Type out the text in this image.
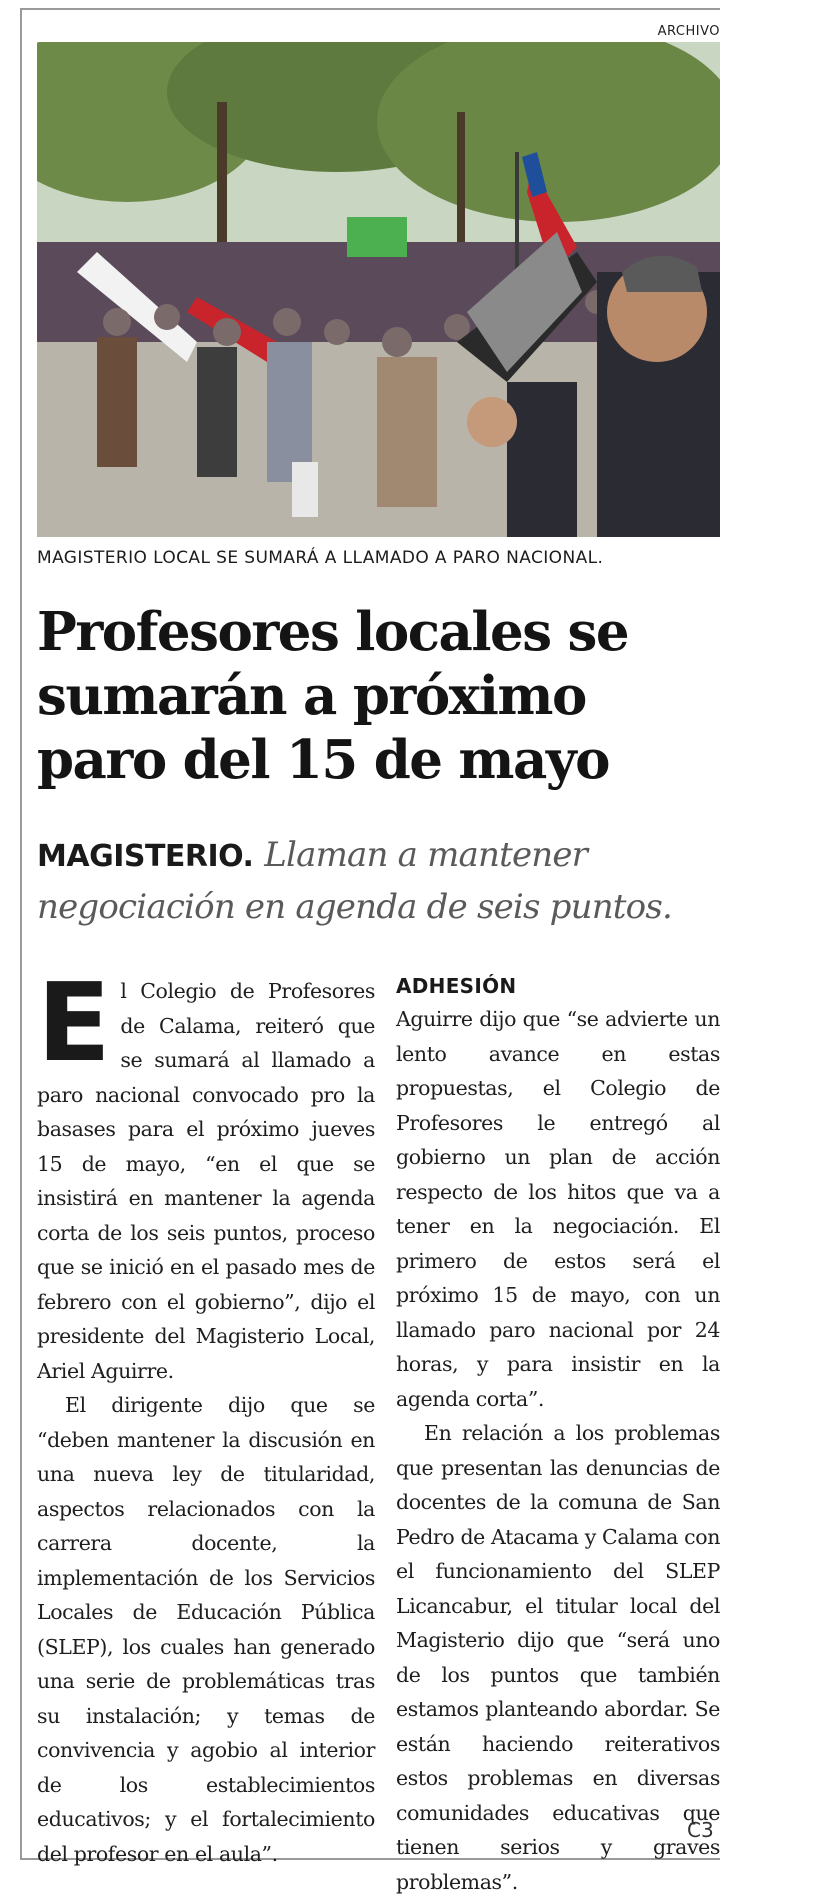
ARCHIVO
MAGISTERIO LOCAL SE SUMARÁ A LLAMADO A PARO NACIONAL.
Profesores locales se
sumarán a próximo
paro del 15 de mayo
MAGISTERIO. Llaman a mantener negociación en agenda de seis puntos.

El Colegio de Profesores de Calama, reiteró que se sumará al llamado a paro nacional convocado pro la basases para el próximo jueves 15 de mayo, “en el que se insistirá en mantener la agenda corta de los seis puntos, proceso que se inició en el pasado mes de febrero con el gobierno”, dijo el presidente del Magisterio Local, Ariel Aguirre.

El dirigente dijo que se “deben mantener la discusión en una nueva ley de titularidad, aspectos relacionados con la carrera docente, la implementación de los Servicios Locales de Educación Pública (SLEP), los cuales han generado una serie de problemáticas tras su instalación; y temas de convivencia y agobio al interior de los establecimientos educativos; y el fortalecimiento del profesor en el aula”.

ADHESIÓN

Aguirre dijo que “se advierte un lento avance en estas propuestas, el Colegio de Profesores le entregó al gobierno un plan de acción respecto de los hitos que va a tener en la negociación. El primero de estos será el próximo 15 de mayo, con un llamado paro nacional por 24 horas, y para insistir en la agenda corta”.

En relación a los problemas que presentan las denuncias de docentes de la comuna de San Pedro de Atacama y Calama con el funcionamiento del SLEP Licancabur, el titular local del Magisterio dijo que “será uno de los puntos que también estamos planteando abordar. Se están haciendo reiterativos estos problemas en diversas comunidades educativas que tienen serios y graves problemas”.

C3
